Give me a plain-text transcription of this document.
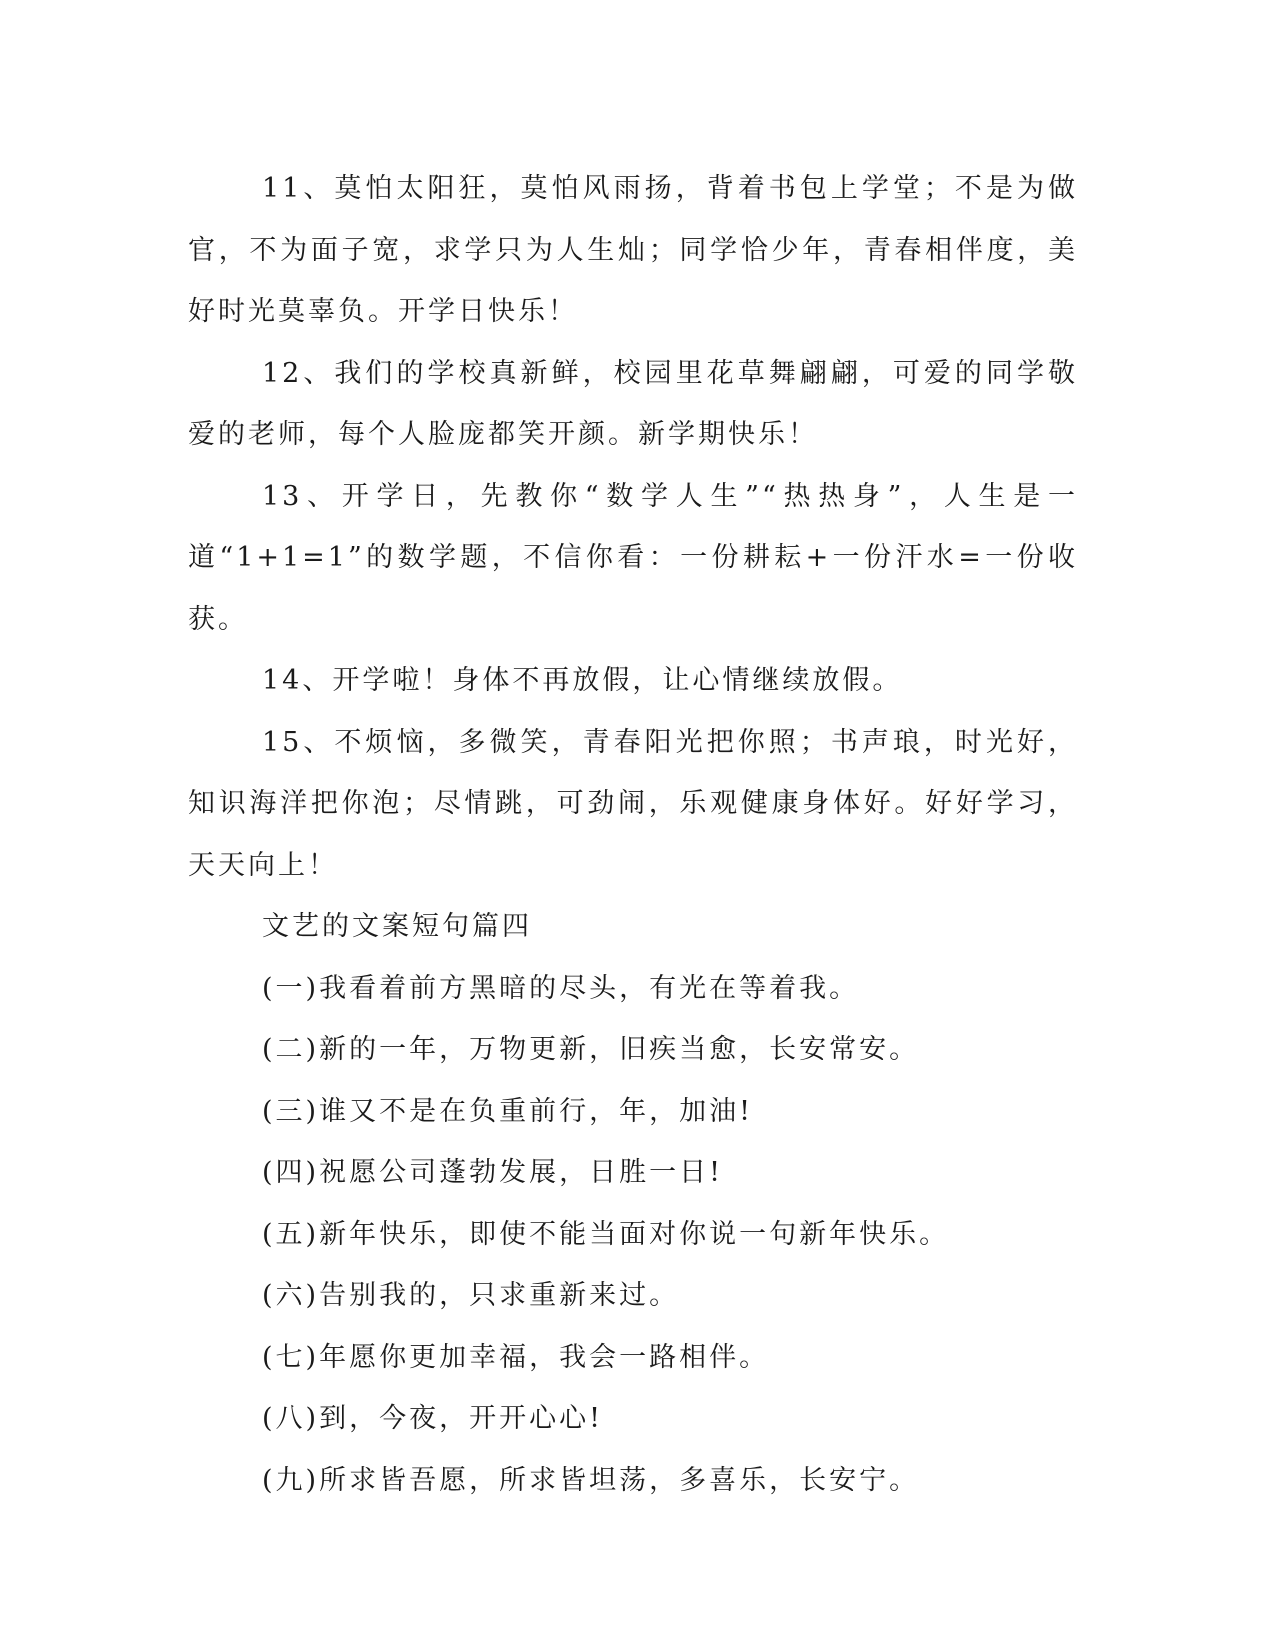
11、莫怕太阳狂，莫怕风雨扬，背着书包上学堂；不是为做官，不为面子宽，求学只为人生灿；同学恰少年，青春相伴度，美好时光莫辜负。开学日快乐！

12、我们的学校真新鲜，校园里花草舞翩翩，可爱的同学敬爱的老师，每个人脸庞都笑开颜。新学期快乐！

13、开学日，先教你“数学人生”“热热身”，人生是一道“1+1=1”的数学题，不信你看：一份耕耘+一份汗水=一份收获。

14、开学啦！身体不再放假，让心情继续放假。

15、不烦恼，多微笑，青春阳光把你照；书声琅，时光好，知识海洋把你泡；尽情跳，可劲闹，乐观健康身体好。好好学习，天天向上！

文艺的文案短句篇四

(一)我看着前方黑暗的尽头，有光在等着我。

(二)新的一年，万物更新，旧疾当愈，长安常安。

(三)谁又不是在负重前行，年，加油!

(四)祝愿公司蓬勃发展，日胜一日!

(五)新年快乐，即使不能当面对你说一句新年快乐。

(六)告别我的，只求重新来过。

(七)年愿你更加幸福，我会一路相伴。

(八)到，今夜，开开心心!

(九)所求皆吾愿，所求皆坦荡，多喜乐，长安宁。
